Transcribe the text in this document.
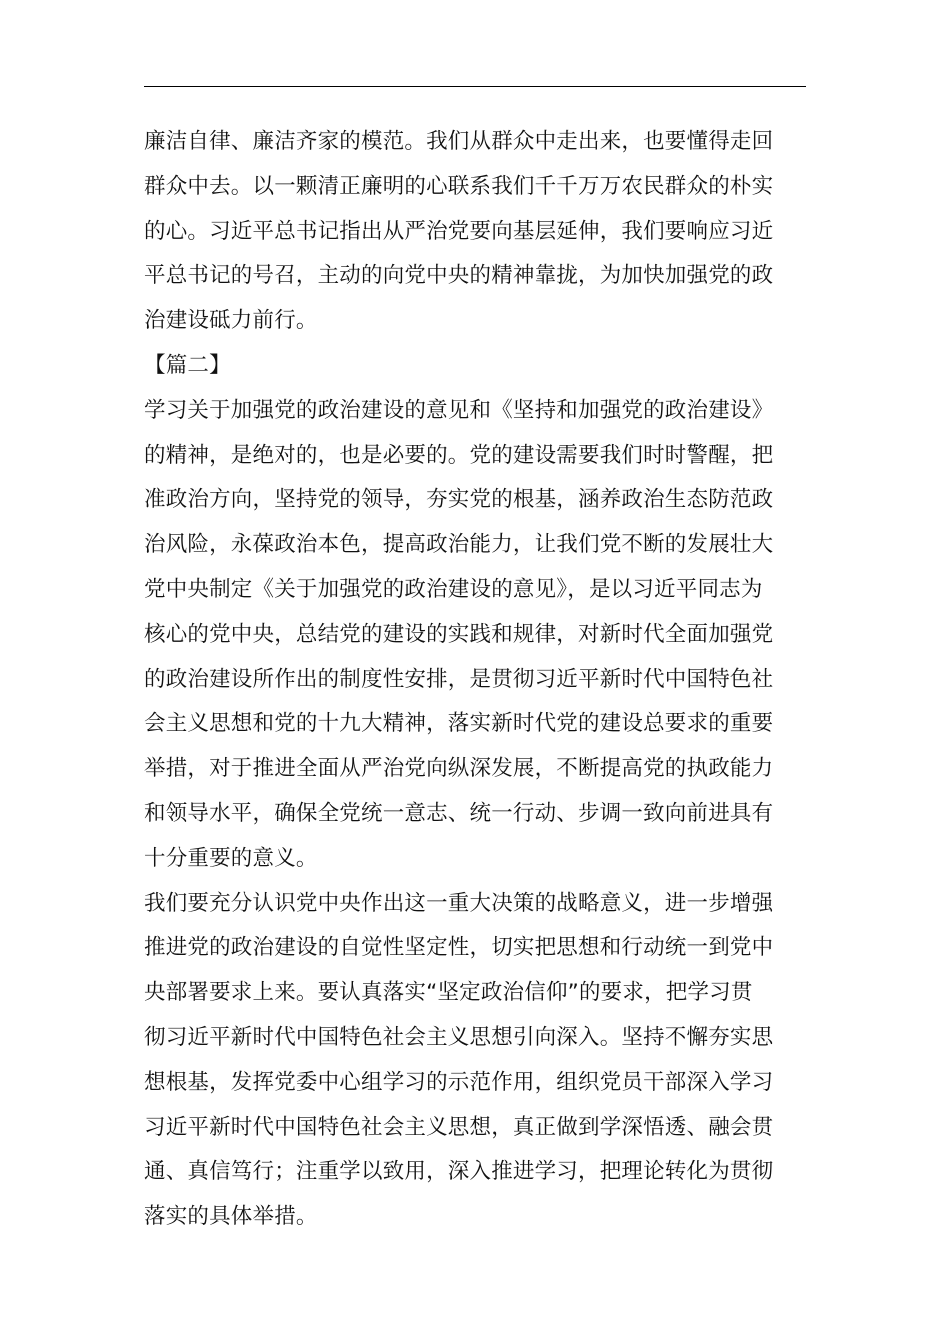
廉洁自律、廉洁齐家的模范。我们从群众中走出来，也要懂得走回
群众中去。以一颗清正廉明的心联系我们千千万万农民群众的朴实
的心。习近平总书记指出从严治党要向基层延伸，我们要响应习近
平总书记的号召，主动的向党中央的精神靠拢，为加快加强党的政
治建设砥力前行。
【篇二】
学习关于加强党的政治建设的意见和《坚持和加强党的政治建设》
的精神，是绝对的，也是必要的。党的建设需要我们时时警醒，把
准政治方向，坚持党的领导，夯实党的根基，涵养政治生态防范政
治风险，永葆政治本色，提高政治能力，让我们党不断的发展壮大
党中央制定《关于加强党的政治建设的意见》，是以习近平同志为
核心的党中央，总结党的建设的实践和规律，对新时代全面加强党
的政治建设所作出的制度性安排，是贯彻习近平新时代中国特色社
会主义思想和党的十九大精神，落实新时代党的建设总要求的重要
举措，对于推进全面从严治党向纵深发展，不断提高党的执政能力
和领导水平，确保全党统一意志、统一行动、步调一致向前进具有
十分重要的意义。
我们要充分认识党中央作出这一重大决策的战略意义，进一步增强
推进党的政治建设的自觉性坚定性，切实把思想和行动统一到党中
央部署要求上来。要认真落实“坚定政治信仰”的要求，把学习贯
彻习近平新时代中国特色社会主义思想引向深入。坚持不懈夯实思
想根基，发挥党委中心组学习的示范作用，组织党员干部深入学习
习近平新时代中国特色社会主义思想，真正做到学深悟透、融会贯
通、真信笃行；注重学以致用，深入推进学习，把理论转化为贯彻
落实的具体举措。
